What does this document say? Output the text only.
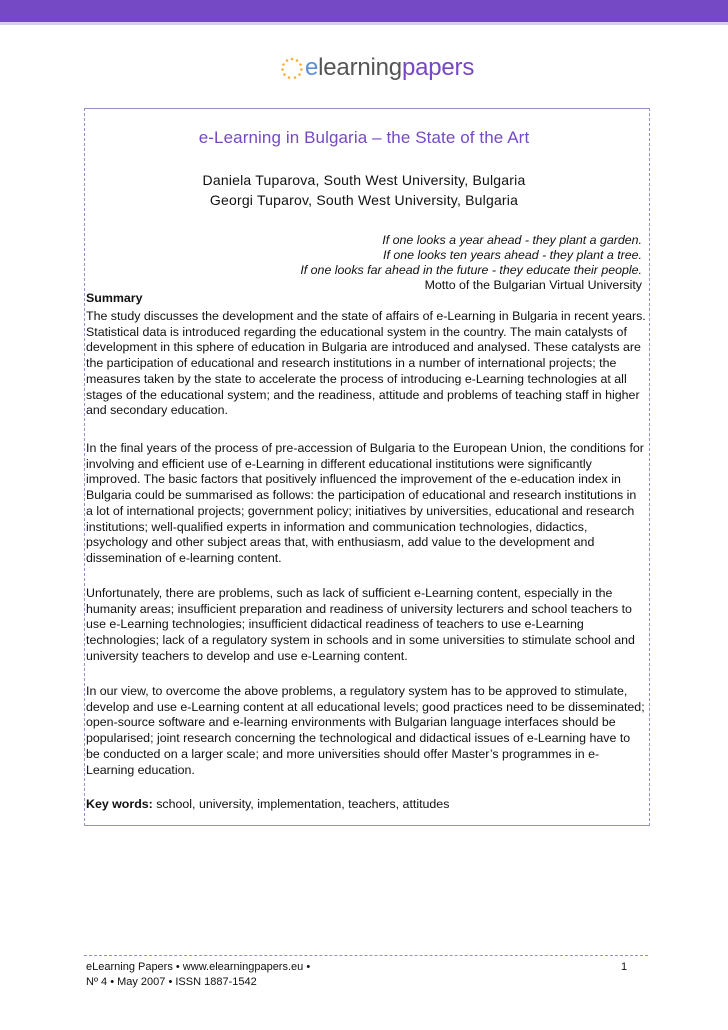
e learning papers
e-Learning in Bulgaria – the State of the Art
Daniela Tuparova, South West University, Bulgaria
Georgi Tuparov, South West University, Bulgaria
If one looks a year ahead - they plant a garden.
If one looks ten years ahead - they plant a tree.
If one looks far ahead in the future - they educate their people.
Motto of the Bulgarian Virtual University
Summary
The study discusses the development and the state of affairs of e-Learning in Bulgaria in recent years. Statistical data is introduced regarding the educational system in the country. The main catalysts of development in this sphere of education in Bulgaria are introduced and analysed. These catalysts are the participation of educational and research institutions in a number of international projects; the measures taken by the state to accelerate the process of introducing e-Learning technologies at all stages of the educational system; and the readiness, attitude and problems of teaching staff in higher and secondary education.
In the final years of the process of pre-accession of Bulgaria to the European Union, the conditions for involving and efficient use of e-Learning in different educational institutions were significantly improved. The basic factors that positively influenced the improvement of the e-education index in Bulgaria could be summarised as follows: the participation of educational and research institutions in a lot of international projects; government policy; initiatives by universities, educational and research institutions; well-qualified experts in information and communication technologies, didactics, psychology and other subject areas that, with enthusiasm, add value to the development and dissemination of e-learning content.
Unfortunately, there are problems, such as lack of sufficient e-Learning content, especially in the humanity areas; insufficient preparation and readiness of university lecturers and school teachers to use e-Learning technologies; insufficient didactical readiness of teachers to use e-Learning technologies; lack of a regulatory system in schools and in some universities to stimulate school and university teachers to develop and use e-Learning content.
In our view, to overcome the above problems, a regulatory system has to be approved to stimulate, develop and use e-Learning content at all educational levels; good practices need to be disseminated; open-source software and e-learning environments with Bulgarian language interfaces should be popularised; joint research concerning the technological and didactical issues of e-Learning have to be conducted on a larger scale; and more universities should offer Master’s programmes in e-Learning education.
Key words: school, university, implementation, teachers, attitudes
eLearning Papers • www.elearningpapers.eu •
Nº 4 • May 2007 • ISSN 1887-1542
1
